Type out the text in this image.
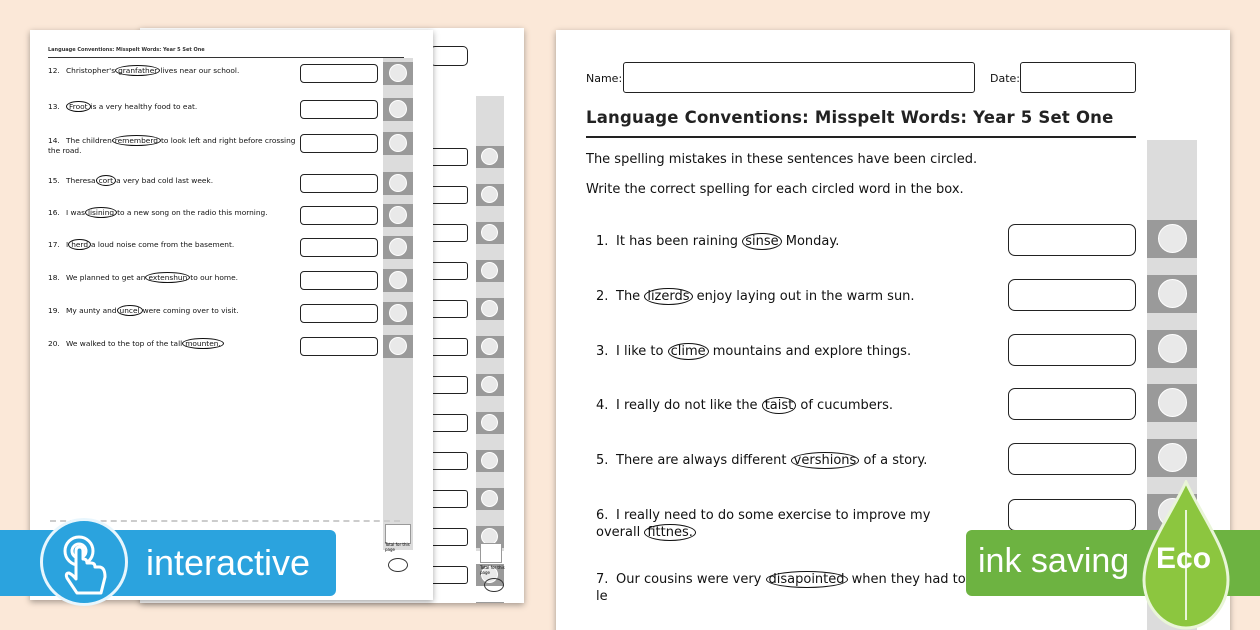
Total for this page
Language Conventions: Misspelt Words: Year 5 Set One
12. Christopher's granfather lives near our school.
13. Froot is a very healthy food to eat.
14. The children rememberd to look left and right before crossing the road.
15. Theresa cort a very bad cold last week.
16. I was lisining to a new song on the radio this morning.
17. I herd a loud noise come from the basement.
18. We planned to get an extenshun to our home.
19. My aunty and uncel were coming over to visit.
20. We walked to the top of the tall mounten.
Total for this page
Name:	Date:
Language Conventions: Misspelt Words: Year 5 Set One
The spelling mistakes in these sentences have been circled.
Write the correct spelling for each circled word in the box.
1. It has been raining sinse Monday.
2. The lizerds enjoy laying out in the warm sun.
3. I like to clime mountains and explore things.
4. I really do not like the taist of cucumbers.
5. There are always different vershions of a story.
6. I really need to do some exercise to improve my overall fittnes.
7. Our cousins were very disapointed when they had to le
interactive	ink saving Eco
